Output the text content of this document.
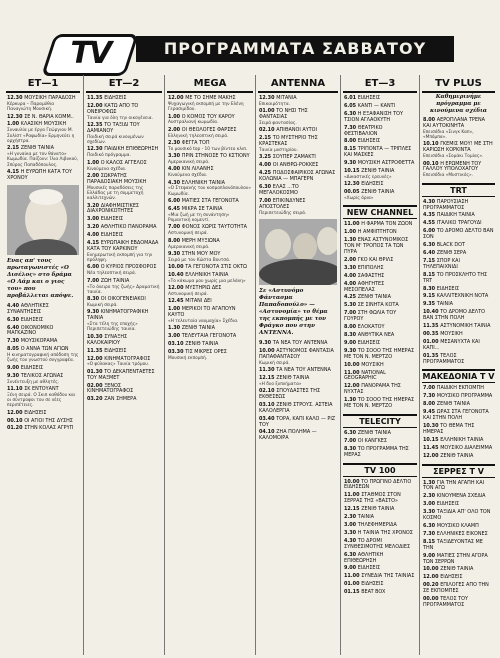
TV	ΠΡΟΓΡΑΜΜΑΤΑ ΣΑΒΒΑΤΟΥ
ΕΤ—1
12.30 ΜΟΥΣΙΚΗ ΠΑΡΑΔΟΣΗ
Κέρκυρα – Παραμύθια Παναγιώτη Μουσική.
12.30 ΣΕ Ν. ΘΑΡΙΑ ΚΟΜΜ..
1.00 ΚΛΑΣΙΚΗ ΜΟΥΣΙΚΗ
Συναυλία με έργα Γεώργιου Μ. Σολίστ «Ραψωδία» Ερμηνεύει η ορχήστρα.
2.15 ΖΕΝΙΘ ΤΑΙΝΙΑ
«Η γυναίκα με τον θάνατο» Κωμωδία. Παίζουν: Ίλια Λιβυκού, Σπύρος Παπαδόπουλος.
4.15 Η ΕΥΡΩΠΗ ΚΑΤΑ ΤΟΥ ΧΡΟΝΟΥ
Ενας απ' τους πρωταγωνιστές «Ο Δισέλος» στο δράμα «Ο Λάμ και ο γιος του» που προβάλλεται απόψε.
4.40 ΑΘΛΗΤΙΚΕΣ ΣΥΝΑΝΤΗΣΕΙΣ
6.30 ΕΙΔΗΣΕΙΣ
6.40 ΟΙΚΟΝΟΜΙΚΟ ΜΑΓΚΑΖΙΝΟ
7.30 ΜΟΥΣΙΚΟΡΑΜΑ
8.05 Ο ΑΝΝΑ ΤΩΝ ΑΓΙΩΝ
Η κινηματογραφική απόδοση της ζωής του γνωστού συγγραφέα.
9.00 ΕΙΔΗΣΕΙΣ
9.30 ΤΕΛΙΚΟΣ ΑΓΩΝΑΣ
Συνέντευξη με αθλητές.
11.10 ΣΚ ΕΝΤΟΥΑΝΤ
Ξένη σειρά. Ο Σκιπ καθόδου και οι σύντροφοι του σε νέες περιπέτειες.
12.00 ΕΙΔΗΣΕΙΣ
00.10 ΟΙ ΑΓΙΟΙ ΤΗΣ ΔΥΣΗΣ
01.20 ΣΤΗΝ ΚΟΛΑΣ ΑΓΡΥΠ
ΕΤ—2
11.35 ΕΙΔΗΣΕΙΣ
12.00 ΚΑΤΩ ΑΠΟ ΤΟ ΟΝΕΙΡΟΦΩΣ
Ταινία για όλη την οικογένεια.
12.35 ΤΟ ΤΑΞΙΔΙ ΤΟΥ ΔΑΜΙΑΝΟΥ
Παιδική σειρά κινουμένων σχεδίων.
12.30 ΠΑΙΔΙΚΗ ΕΠΙΘΕΩΡΗΣΗ
Παιδικό πρόγραμμα.
1.00 Ο ΚΑΛΟΣ ΑΓΓΕΛΟΣ
Κινούμενα σχέδια.
2.00 ΣΩΚΡΑΤΗΣ ΠΑΡΑΔΟΣΙΑΚΗ ΜΟΥΣΙΚΗ
Μουσικές παραδόσεις της Ελλάδας με τη συμμετοχή καλλιτεχνών.
3.20 ΔΙΑΦΗΜΙΣΤΙΚΕΣ ΔΙΑΧΡΟΝΙΚΟΤΗΤΕΣ
3.00 ΕΙΔΗΣΕΙΣ
3.20 ΑΘΛΗΤΙΚΟ ΠΑΝΟΡΑΜΑ
4.00 ΕΙΔΗΣΕΙΣ
4.15 ΕΥΡΩΠΑΙΚΗ ΕΒΔΟΜΑΔΑ ΚΑΤΑ ΤΟΥ ΚΑΡΚΙΝΟΥ
Ενημερωτική εκπομπή για την πρόληψη.
6.00 Ο ΚΥΡΙΟΣ ΠΡΟΣΦΟΡΟΣ
Νέα τηλεοπτική σειρά.
7.00 ΖΩΗ ΤΑΙΝΙΑ
«Το όνειρο της ζωής» Δραματική ταινία.
8.30 ΟΙ ΟΙΚΟΓΕΝΕΙΑΚΟΙ
Κωμική σειρά.
9.30 ΚΙΝΗΜΑΤΟΓΡΑΦΙΚΗ ΤΑΙΝΙΑ
«Στα τέλη της εποχής» Περιπετειώδης ταινία.
10.30 ΣΥΝΑΞΗΣ ΚΑΛΟΚΑΙΡΙΟΥ
11.35 ΕΙΔΗΣΕΙΣ
12.00 ΚΙΝΗΜΑΤΟΓΡΑΦΟΣ
«Ο φύλακας» Ταινία τρόμου.
01.30 ΤΟ ΔΕΚΑΠΕΝΤΑΕΤΕΣ ΤΟΥ ΜΑΞΜΕΤ
02.00 ΞΕΝΟΣ ΚΙΝΗΜΑΤΟΓΡΑΦΟΣ
03.20 ΖΑΝ ΣΗΜΕΡΑ
MEGA
12.00 ΜΕ ΤΟ ΣΗΜΕ ΜΑΚΗΣ
Ψυχαγωγική εκπομπή με την Ελένη Γερασιμίδου.
1.00 Ο ΚΟΜΟΣ ΤΟΥ ΚΑΡΟΥ
Αυστραλιανή κωμωδία.
2.00 ΟΙ ΘΕΟΛΟΓΕΣ ΦΑΡΣΕΣ
Ελληνική τηλεοπτική σειρά.
2.30 ΦΕΓΓΑ ΤΟΠ
Το μουσικό top - 10 των βίντεο κλιπ.
3.30 ΠΡΙΝ ΣΤΗΝΟΣΕ ΤΟ ΚΣΤΙΟΝΥ
Αμερικανική σειρά.
4.00 ΚΙΝ ΛΙΛΑΝΗΣ
Κινούμενα σχέδια.
4.30 ΕΛΛΗΝΙΚΗ ΤΑΙΝΙΑ
«Ο Στεφανής του κοσμοπλανόπουλου» Κωμωδία.
6.00 ΜΑΤΙΕΣ ΣΤΑ ΓΕΓΟΝΟΤΑ
6.45 ΜΙΚΡΑ ΣΕ ΤΑΙΝΙΑ
«Μια ζωή με τη συνάντηση» Ρομαντική κομεντί.
7.00 ΦΟΝΟΣ ΧΩΡΙΣ ΤΑΥΤΟΤΗΤΑ
Αστυνομική σειρά.
8.00 ΜΕΡΗ ΜΥΞΙΩΝΑ
Αμερικανική σειρά.
9.30 ΣΤΗΝ ΜΟΥ ΜΟΥ
Σειρά με τον Κώστα Βουτσά.
10.00 ΤΑ ΓΕΓΟΝΟΤΑ ΣΤΙΣ ΟΚΤΩ
10.40 ΕΛΛΗΝΙΚΗ ΤΑΙΝΙΑ
«Το κάκωμα μου χωρίς μια μελάνη»
12.00 ΜΥΣΤΗΡΙΩ ΔΕΣ
Αστυνομική σειρά.
12.45 ΜΙΤΑΝΙ ΔΕΙ
1.00 ΜΕΡΙΚΟΙ ΤΟ ΑΓΑΠΟΥΝ ΚΑΥΤΟ
«Η τελευταία ναυμαχία» Σχέδια.
1.30 ΖΕΝΙΘ ΤΑΙΝΙΑ
3.00 ΤΕΛΕΥΤΑΙΑ ΓΕΓΟΝΟΤΑ
03.10 ΖΕΝΙΘ ΤΑΙΝΙΑ
03.30 ΤΙΣ ΜΙΚΡΕΣ ΟΡΕΣ
Μουσική εκπομπή.
ΑΝΤΕΝΝΑ
12.30 ΜΙΤΑΝΙΑ
Επικαιρότητα.
01.00 ΤΟ ΝΗΣΙ ΤΗΣ ΦΑΝΤΑΣΙΑΣ
Σειρά φαντασίας.
02.10 ΑΠΙΘΑΝΟΙ ΑΥΤΟΙ
2.15 ΤΟ ΜΥΣΤΗΡΙΟ ΤΗΣ ΚΡΑΣΤΕΚΑΣ
Ταινία μυστηρίου.
3.25 ΣΟΥΠΕΡ ΖΑΜΑΚΤΙ
4.00 ΟΙ ΑΝΘΡΩ-ΡΟΚΚΕΣ
4.25 ΠΟΔΟΣΦΑΙΡΙΚΟΣ ΑΓΩΝΑΣ ΚΟΛΩΝΙΑ — ΜΠΑΓΕΡΝ
6.30 ΕΛΑΣ ...ΤΟ ΜΕΓΑΛΟΚΟΣΜΟ
7.00 ΕΠΙΚΙΝΔΥΝΕΣ ΑΠΟΣΤΟΛΕΣ
Περιπετειώδης σειρά.
Σε «Αστυνόμο Φάντασμα Παπαδοπούλο» — «Αστυνομία» το θέμα της εκπομπής με τον Φράγκο που στην ΑΝΤΕΝΝΑ.
9.30 ΤΑ ΝΕΑ ΤΟΥ ANTENNA
10.00 ΑΣΤΥΝΟΜΟΣ ΦΑΝΤΑΣΙΑ ΠΑΠΑΦΑΝΤΑΣΟΥ
Κωμική σειρά.
11.30 ΤΑ ΝΕΑ ΤΟΥ ANTENNA
12.15 ΖΕΝΙΘ ΤΑΙΝΙΑ
«Η δυο ξυπνήματα»
02.10 ΣΠΟΥΔΑΣΤΕΣ ΤΗΣ ΕΚΘΕΣΕΩΣ
03.10 ΖΕΝΙΘ ΣΤΡΟΥΣ. ΑΣΤΕΙΑ ΚΑΛΟΛΕΡΓΙΑ
03.40 ΤΟΡΑ, ΚΑΠΙ ΚΑΛΟ — ΡΙΖ ΤΟΥ
04.10 ΖΗΑ ΠΟΛΗΜΑ — ΚΑΛΟΜΟΙΡΑ
ΕΤ—3
6.01 ΕΙΔΗΣΕΙΣ
6.05 ΚΑΝΤΙ — ΚΑΝΤΙ
6.30 Η ΕΞΑΦΑΝΙΣΗ ΤΟΥ ΤΣΙΟΝ ΑΓΛΑΟΚΥΤΗ
7.30 ΘΕΑΤΡΙΚΟ ΦΕΣΤΙΒΑΛΙΟΝ
8.00 ΕΙΔΗΣΕΙΣ
8.15 ΤΡΙΠΟΝΤΑ — ΤΡΙΠΛΕΣ ΚΑΙ ΜΑΣΚΕΣ
9.30 ΜΟΥΣΙΚΗ ΑΣΤΡΟΦΕΤΤΑ
10.15 ΖΕΝΙΘ ΤΑΙΝΙΑ
«Δικαστικές ερευνές»
12.30 ΕΙΔΗΣΕΙΣ
00.05 ΖΕΝΙΘ ΤΑΙΝΙΑ
«Χωρίς όρια»
NEW CHANNEL
11.00 Η ΦΑΡΜΑ ΤΟΝ ΖΩΟΝ
1.00 Η ΑΜΦΙΠΤΗΤΟΝ
1.30 ΕΝΑΣ ΑΣΤΥΝΟΜΙΚΟΣ ΤΟΝ Μ' ΤΡΟΠΟΣ ΤΑ ΤΩΝ ΠΥΡΑ
2.00 ΓΚΟ ΚΑΙ ΘΡΙΛΣ
3.30 ΕΠΙΠΟΛΗΣ
4.00 ΣΑΦΑΣΤΗΣ
4.00 ΑΦΗΓΗΤΕΣ ΜΕΣΟΠΕΛΑΣ
4.25 ΖΕΝΙΘ ΤΑΙΝΙΑ
5.30 ΣΕ ΣΙΝΗΤΑ ΚΟΤΑ
7.00 ΣΤΗ ΦΩΛΙΑ ΤΟΥ ΓΟΥΡΟΥ
8.00 ΕΛΟΚΑΤΟΥ
8.30 ΑΝΘΥΤΙΚΑ ΝΕΑ
9.00 ΕΙΔΗΣΕΙΣ
9.30 ΤΟ ΣΟΟΟ ΤΗΣ ΗΜΕΡΑΣ ΜΕ ΤΟΝ Ν. ΜΕΡΤΖΟ
10.00 ΜΟΥΣΙΚΗ
11.00 NATIONAL GEOGRAPHIC
12.00 ΠΑΝΟΡΑΜΑ ΤΗΣ ΝΥΧΤΑΣ
1.30 ΤΟ ΣΟΟΟ ΤΗΣ ΗΜΕΡΑΣ ΜΕ ΤΟΝ Ν. ΜΕΡΤΖΟ
TELECITY
6.30 ΖΕΝΙΘ ΤΑΙΝΙΑ
7.00 ΟΙ ΚΑΝΓΚΕΣ
8.30 ΤΟ ΠΡΟΓΡΑΜΜΑ ΤΗΣ ΜΕΡΑΣ
TV 100
10.00 ΤΟ ΠΡΩΓΙΝΟ ΔΕΛΤΙΟ ΕΙΔΗΣΕΩΝ
11.00 ΣΤΑΘΜΟΣ ΣΤΟΝ ΣΕΡΡΑΣ ΤΗΣ «ΒΑΣΤΟ»
12.15 ΖΕΝΙΘ ΤΑΙΝΙΑ
2.30 ΤΑΙΝΙΑ
3.00 ΤΗΛΕΦΗΜΕΡΙΔΑ
3.30 Η ΤΑΙΝΙΑ ΤΗΣ ΧΡΟΝΟΣ
4.30 ΤΟ ΔΡΟΜΙ ΣΥΝΘΕΣΙΜΟΤΗΣ ΜΕΛΟΔΙΕΣ
6.30 ΑΘΛΗΤΙΚΗ ΕΠΙΘΕΩΡΗΣΗ
9.00 ΕΙΔΗΣΕΙΣ
11.00 ΣΥΝΕΔΙΑ ΤΗΣ ΤΑΙΝΙΑΣ
01.00 ΕΙΔΗΣΕΙΣ
01.15 BEAT BOX
TV PLUS
Καθημερινήμε πρόγραμμα με κινούμενα σχέδια
8.00 ΑΕΡΟΠΛΑΝΑ ΤΡΕΝΑ ΚΑΙ ΑΥΤΟΚΙΝΗΤΑ
Επεισόδια «Σινγκ Καπ», «Μπόμπα».
10.10 ΓΚΕΜΙΣ ΜΟΥ! ΜΕ ΣΤΗ ΚΑΡΙΩΣΗ ΚΟΡΚΙΝΤΑ
Επεισόδια «Σομάκι Τομίας».
00.10 Η ΕΡΩΜΕΝΗ ΤΟΥ ΓΑΛΛΟΥ ΥΠΟΛΟΧΑΓΟΥ
Επεισόδια «Μυστικός».
TRT
4.30 ΠΑΡΟΥΣΙΑΣΗ ΠΡΟΓΡΑΜΜΑΤΟΣ
4.35 ΠΑΙΔΙΚΗ ΤΑΙΝΙΑ
4.55 ΙΤΑΛΙΚΟ ΤΡΑΓΟΥΔΙ
6.00 ΤΟ ΔΡΟΜΟ ΔΕΛΤΟ ΒΑΝ ΣΟΝ
6.30 BLACK DOT
6.40 ΖΕΝΙΘ ΣΕΡΑ
7.15 ΣΠΟΡ ΚΑΙ ΤΗΛΕΠΑΙΧΝΙΔΙ
8.15 ΤΟ ΠΡΟΣΚΛΗΤΟ ΤΗΣ ΤRT
8.30 ΕΙΔΗΣΕΙΣ
9.15 ΚΑΛΛΙΤΕΧΝΙΚΗ ΝΟΤΑ
9.35 ΤΑΙΝΙΑ
10.40 ΤΟ ΔΡΟΜΟ ΔΕΛΤΟ ΒΑΝ ΣΤΗΝ ΠΟΛΗ
11.35 ΑΣΤΥΝΟΜΙΚΗ ΤΑΙΝΙΑ
00.35 ΜΟΥΣΙΚΗ
01.00 ΜΕΣΑΝΥΧΤΑ ΚΑΙ ΚΑΠΙ...
01.35 ΤΕΛΟΣ ΠΡΟΓΡΑΜΜΑΤΟΣ
ΜΑΚΕΔΟΝΙΑ Τ V
7.00 ΠΑΙΔΙΚΗ ΕΚΠΟΜΠΗ
7.30 ΜΟΥΣΙΚΟ ΠΡΟΓΡΑΜΜΑ
8.00 ΖΕΝΙΘ ΤΑΙΝΙΑ
9.45 ΩΡΑΣ ΣΤΑ ΓΕΓΟΝΟΤΑ ΚΑΙ ΣΤΗΝ ΠΟΛΗ
10.30 ΤΟ ΘΕΜΑ ΤΗΣ ΗΜΕΡΑΣ
10.15 ΕΛΛΗΝΙΚΗ ΤΑΙΝΙΑ
11.45 ΜΟΥΣΙΚΟ ΔΙΑΛΕΙΜΜΑ
12.00 ΖΕΝΙΘ ΤΑΙΝΙΑ
ΣΕΡΡΕΣ Τ V
1.30 ΓΙΑ ΤΗΝ ΑΓΑΠΗ ΚΑΙ ΤΟΝ ΑΓΩ
2.30 ΚΙΝΟΥΜΕΝΑ ΣΧΕΔΙΑ
3.00 ΕΙΔΗΣΕΙΣ
3.30 ΤΑΞΙΔΙΑ ΑΠ' ΟΛΟ ΤΟΝ ΚΟΣΜΟ
6.30 ΜΟΥΣΙΚΟ ΚΛΑΜΠ
7.30 ΕΛΛΗΝΙΚΕΣ ΕΙΚΟΝΕΣ
8.15 ΤΑΞΙΔΕΥΟΝΤΑΣ ΜΕ ΤΗΝ
9.00 ΜΑΤΙΕΣ ΣΤΗΝ ΑΓΟΡΑ ΤΩΝ ΣΕΡΡΩΝ
10.00 ΖΕΝΙΘ ΤΑΙΝΙΑ
12.00 ΕΙΔΗΣΕΙΣ
00.20 ΕΠΙΛΟΓΕΣ ΑΠΟ ΤΗΝ ΣΕ ΕΚΠΟΜΠΕΣ
00.00 ΤΕΛΟΣ ΤΟΥ ΠΡΟΓΡΑΜΜΑΤΟΣ
